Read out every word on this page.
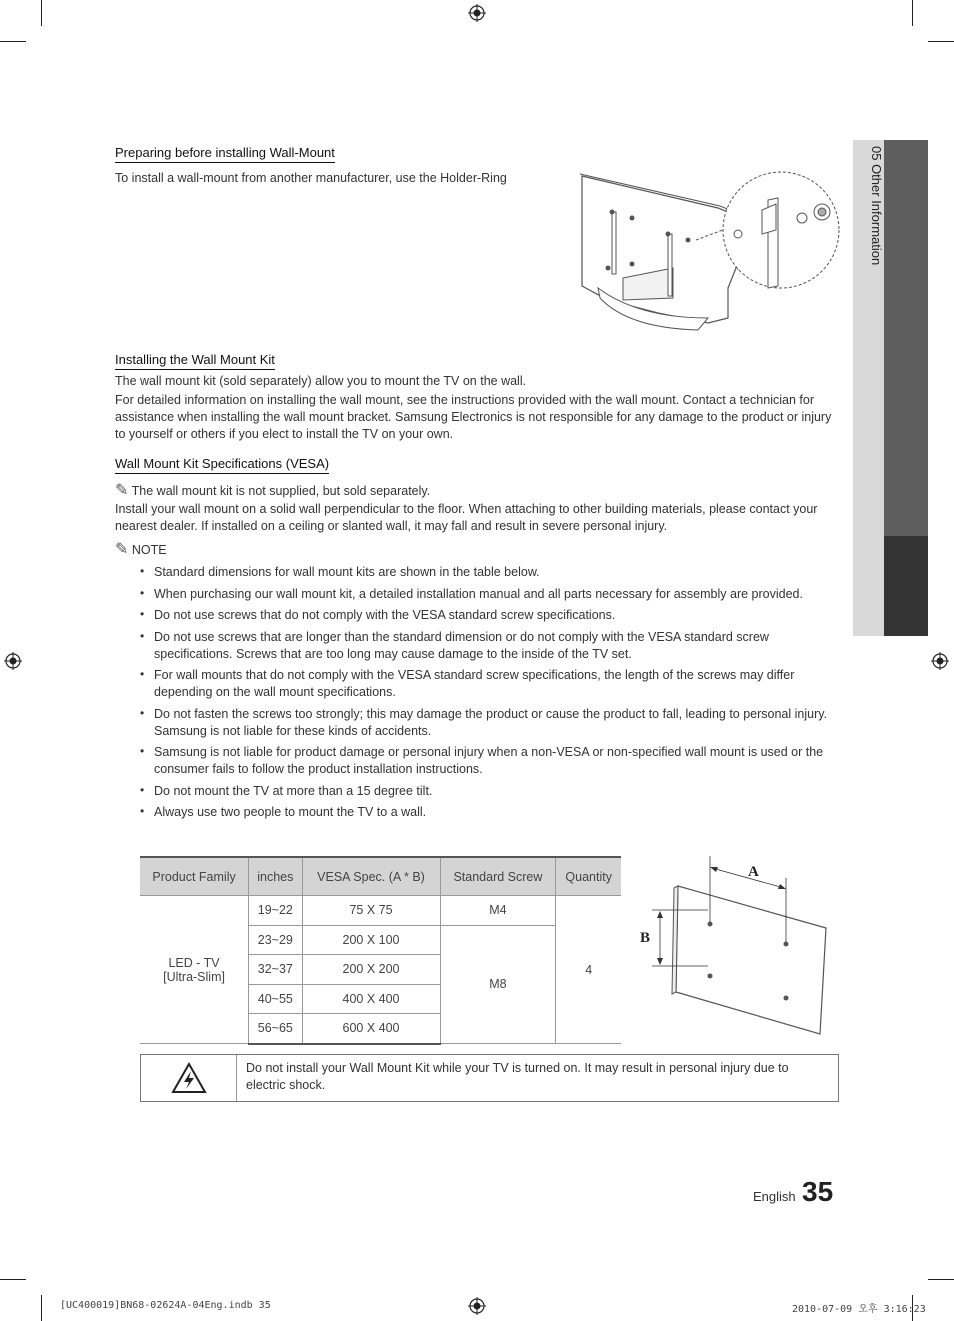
05 Other Information
Preparing before installing Wall-Mount
To install a wall-mount from another manufacturer, use the Holder-Ring
Installing the Wall Mount Kit
The wall mount kit (sold separately) allow you to mount the TV on the wall.
For detailed information on installing the wall mount, see the instructions provided with the wall mount. Contact a technician for assistance when installing the wall mount bracket. Samsung Electronics is not responsible for any damage to the product or injury to yourself or others if you elect to install the TV on your own.
Wall Mount Kit Specifications (VESA)
✎ The wall mount kit is not supplied, but sold separately.
Install your wall mount on a solid wall perpendicular to the floor. When attaching to other building materials, please contact your nearest dealer. If installed on a ceiling or slanted wall, it may fall and result in severe personal injury.
✎ NOTE
• Standard dimensions for wall mount kits are shown in the table below.
• When purchasing our wall mount kit, a detailed installation manual and all parts necessary for assembly are provided.
• Do not use screws that do not comply with the VESA standard screw specifications.
• Do not use screws that are longer than the standard dimension or do not comply with the VESA standard screw specifications. Screws that are too long may cause damage to the inside of the TV set.
• For wall mounts that do not comply with the VESA standard screw specifications, the length of the screws may differ depending on the wall mount specifications.
• Do not fasten the screws too strongly; this may damage the product or cause the product to fall, leading to personal injury. Samsung is not liable for these kinds of accidents.
• Samsung is not liable for product damage or personal injury when a non-VESA or non-specified wall mount is used or the consumer fails to follow the product installation instructions.
• Do not mount the TV at more than a 15 degree tilt.
• Always use two people to mount the TV to a wall.
Product Family	inches	VESA Spec. (A * B)	Standard Screw	Quantity
LED - TV
[Ultra-Slim]	19~22	75 X 75	M4	4
	23~29	200 X 100	M8	
	32~37	200 X 200		
	40~55	400 X 400		
	56~65	600 X 400		
A
B
Do not install your Wall Mount Kit while your TV is turned on. It may result in personal injury due to electric shock.
English 35
[UC400019]BN68-02624A-04Eng.indb 35	2010-07-09 오후 3:16:23
